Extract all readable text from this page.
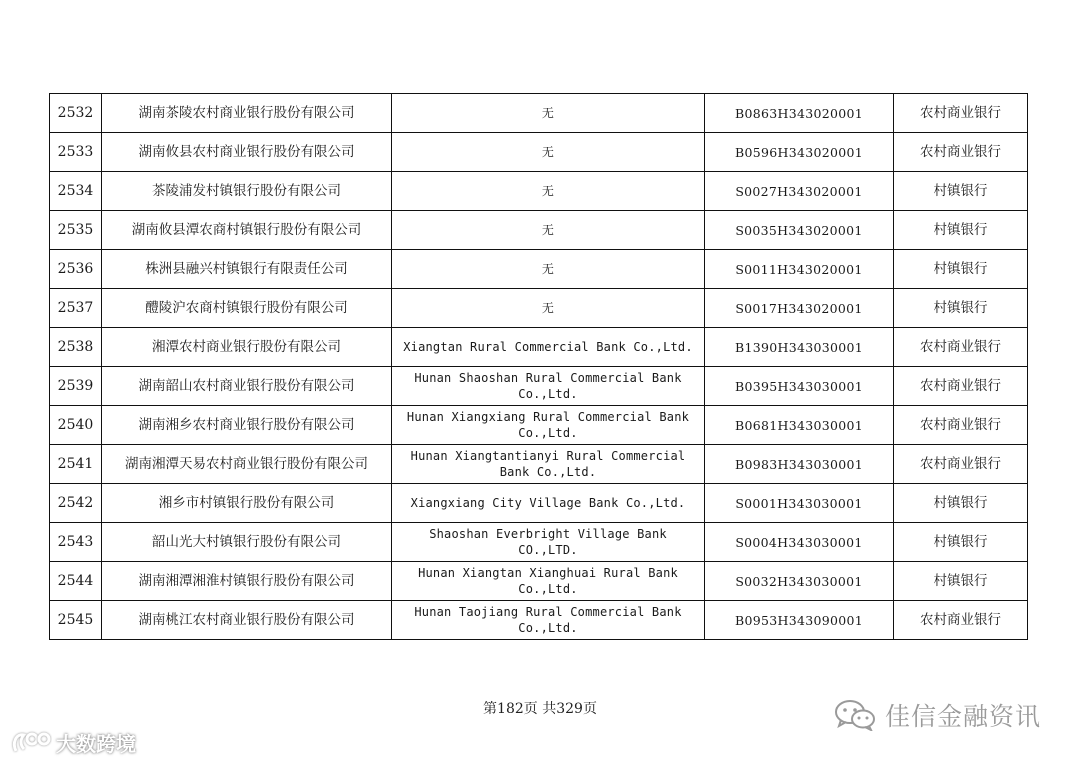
2532	湖南茶陵农村商业银行股份有限公司	无	B0863H343020001	农村商业银行
2533	湖南攸县农村商业银行股份有限公司	无	B0596H343020001	农村商业银行
2534	茶陵浦发村镇银行股份有限公司	无	S0027H343020001	村镇银行
2535	湖南攸县潭农商村镇银行股份有限公司	无	S0035H343020001	村镇银行
2536	株洲县融兴村镇银行有限责任公司	无	S0011H343020001	村镇银行
2537	醴陵沪农商村镇银行股份有限公司	无	S0017H343020001	村镇银行
2538	湘潭农村商业银行股份有限公司	Xiangtan Rural Commercial Bank Co.,Ltd.	B1390H343030001	农村商业银行
2539	湖南韶山农村商业银行股份有限公司	Hunan Shaoshan Rural Commercial Bank Co.,Ltd.	B0395H343030001	农村商业银行
2540	湖南湘乡农村商业银行股份有限公司	Hunan Xiangxiang Rural Commercial Bank Co.,Ltd.	B0681H343030001	农村商业银行
2541	湖南湘潭天易农村商业银行股份有限公司	Hunan Xiangtantianyi Rural Commercial Bank Co.,Ltd.	B0983H343030001	农村商业银行
2542	湘乡市村镇银行股份有限公司	Xiangxiang City Village Bank Co.,Ltd.	S0001H343030001	村镇银行
2543	韶山光大村镇银行股份有限公司	Shaoshan Everbright Village Bank CO.,LTD.	S0004H343030001	村镇银行
2544	湖南湘潭湘淮村镇银行股份有限公司	Hunan Xiangtan Xianghuai Rural Bank Co.,Ltd.	S0032H343030001	村镇银行
2545	湖南桃江农村商业银行股份有限公司	Hunan Taojiang Rural Commercial Bank Co.,Ltd.	B0953H343090001	农村商业银行
第182页 共329页	佳信金融资讯
大数跨境
